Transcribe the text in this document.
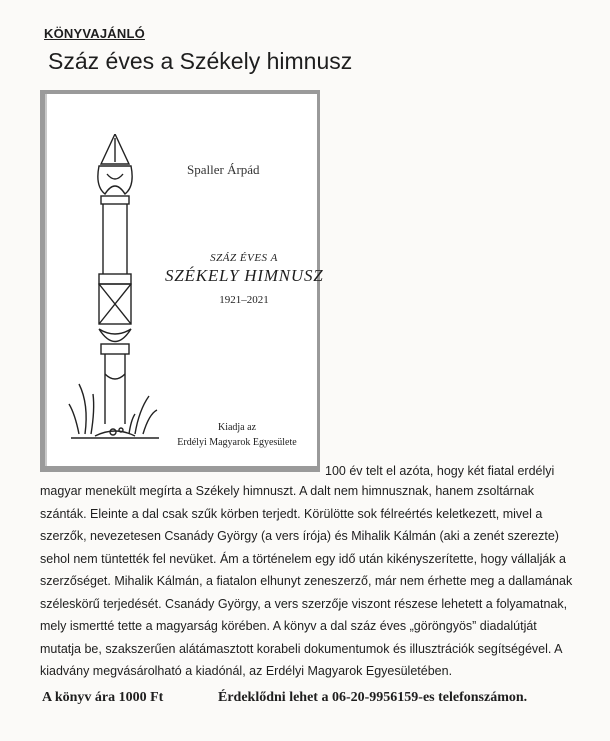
KÖNYVAJÁNLÓ
Száz éves a Székely himnusz
Spaller Árpád
SZÁZ ÉVES A
SZÉKELY HIMNUSZ
1921–2021
Kiadja az
Erdélyi Magyarok Egyesülete
100 év telt el azóta, hogy két fiatal erdélyi
magyar menekült megírta a Székely himnuszt. A dalt nem himnusznak, hanem zsoltárnak
szánták. Eleinte a dal csak szűk körben terjedt. Körülötte sok félreértés keletkezett, mivel a
szerzők, nevezetesen Csanády György (a vers írója) és Mihalik Kálmán (aki a zenét szerezte)
sehol nem tüntették fel nevüket. Ám a történelem egy idő után kikényszerítette, hogy vállalják a
szerzőséget. Mihalik Kálmán, a fiatalon elhunyt zeneszerző, már nem érhette meg a dallamának
széleskörű terjedését. Csanády György, a vers szerzője viszont részese lehetett a folyamatnak,
mely ismertté tette a magyarság körében. A könyv a dal száz éves „göröngyös” diadalútját
mutatja be, szakszerűen alátámasztott korabeli dokumentumok és illusztrációk segítségével. A
kiadvány megvásárolható a kiadónál, az Erdélyi Magyarok Egyesületében.
A könyv ára 1000 Ft	Érdeklődni lehet a 06-20-9956159-es telefonszámon.
